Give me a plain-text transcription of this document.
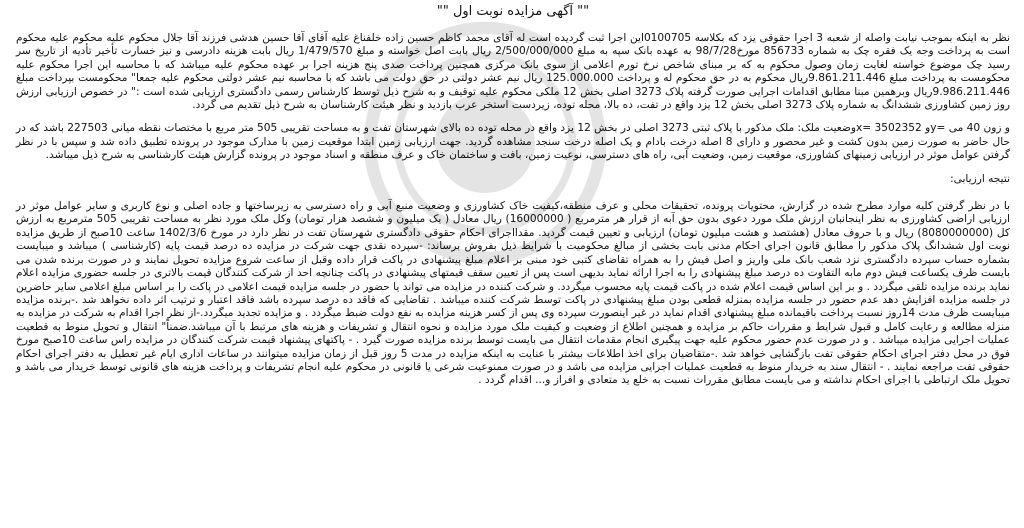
"" آگهی مزایده نوبت اول ""

نظر به اینکه بموجب نیابت واصله از شعبه 3 اجرا حقوقی یزد که بکلاسه 0100705این اجرا ثبت گردیده است له آقای محمد کاظم حسین زاده خلفناغ علیه آقای آقا حسین هدشی فرزند آقا جلال محکوم علیه محکوم علیه محکوم است به پرداخت وجه یک فقره چک به شماره 856733 مورخ98/7/28 به عهده بانک سپه به مبلغ 2/500/000/000 ریال بابت اصل خواسته و مبلغ 1/479/570 ریال بابت هزینه دادرسی و نیز خسارت تأخیر تأدیه از تاریخ سر رسید چک موضوع خواسته لغایت زمان وصول محکوم به که بر مبنای شاخص نرخ تورم اعلامی از سوی بانک مرکزی همچنین پرداخت صدی پنج هزینه اجرا بر عهده محکوم علیه میباشد که با محاسبه این اجرا محکوم علیه محکومست به پرداخت مبلغ 9.861.211.446ریال محکوم به در حق محکوم له و پرداخت 125.000.000 ریال نیم عشر دولتی در حق دولت می باشد که با محاسبه نیم عشر دولتی محکوم علیه جمعا" محکومست بپرداخت مبلغ 9.986.211.446ریال وبرهمین مبنا مطابق اقدامات اجرایی صورت گرفته پلاک 3273 اصلی بخش 12 ملکی محکوم علیه توقیف و به شرح ذیل توسط کارشناس رسمی دادگستری ارزیابی شده است :" در خصوص ارزیابی ارزش روز زمین کشاورزی ششدانگ به شماره پلاک 3273 اصلی بخش 12 یزد واقع در تفت، ده بالا، محله توده، زیردست استخر عرب بازدید و نظر هیئت کارشناسان به شرح ذیل تقدیم می گردد.

و زون 40 می =yو 3502352 =xوضعیت ملک: ملک مذکور با پلاک ثبتی 3273 اصلی در بخش 12 یزد واقع در محله توده ده بالای شهرستان تفت و به مساحت تقریبی 505 متر مربع با مختصات نقطه میانی 227503 باشد که در حال حاضر به صورت زمین بدون کشت و غیر محصور و دارای 8 اصله درخت بادام و یک اصله درخت سنجد مشاهده گردید. جهت ارزیابی زمین ابتدا موقعیت زمین با مدارک موجود در پرونده تطبیق داده شد و سپس با در نظر گرفتن عوامل موثر در ارزیابی زمینهای کشاورزی، موقعیت زمین، وضعیت آبی، راه های دسترسی، نوعیت زمین، بافت و ساختمان خاک و عرف منطقه و اسناد موجود در پرونده گزارش هیئت کارشناسی به شرح ذیل میباشد.

نتیجه ارزیابی:

با در نظر گرفتن کلیه موارد مطرح شده در گزارش، محتویات پرونده، تحقیقات محلی و عرف منطقه،کیفیت خاک کشاورزی و وضعیت منبع آبی و راه دسترسی به زیرساختها و جاده اصلی و نوع کاربری و سایر عوامل موثر در ارزیابی اراضی کشاورزی به نظر اینجانبان ارزش ملک مورد دعوی بدون حق آبه از قرار هر مترمربع ( 16000000) ریال معادل ( یک میلیون و ششصد هزار تومان) وکل ملک مورد نظر به مساحت تقریبی 505 مترمربع به ارزش کل (8080000000) ریال و با حروف معادل (هشتصد و هشت میلیون تومان) ارزیابی و تعیین قیمت گردید. مقدااجرای احکام حقوقی دادگستری شهرستان تفت در نظر دارد در مورخ 1402/3/6 ساعت 10صبح از طریق مزایده نوبت اول ششدانگ پلاک مذکور را مطابق قانون اجرای احکام مدنی بابت بخشی از مبالغ محکومیت با شرایط ذیل بفروش برساند: -سپرده نقدی جهت شرکت در مزایده ده درصد قیمت پایه (کارشناسی ) میباشد و میبایست بشماره حساب سپرده دادگستری نزد شعب بانک ملی واریز و اصل فیش را به همراه تقاضای کتبی خود مبنی بر اعلام مبلغ پیشنهادی در پاکت قرار داده وقبل از ساعت شروع مزایده تحویل نمایند و در صورت برنده شدن می بایست ظرف یکساعت فیش دوم مابه التفاوت ده درصد مبلغ پیشنهادی را به اجرا ارائه نماید بدیهی است پس از تعیین سقف قیمتهای پیشنهادی در پاکت چنانچه احد از شرکت کنندگان قیمت بالاتری در جلسه حضوری مزایده اعلام نماید برنده مزایده تلقی میگردد . و بر این اساس قیمت اعلام شده در پاکت قیمت پایه محسوب میگردد. و شرکت کننده در مزایده می تواند یا حضور در جلسه مزایده قیمت اعلامی در پاکت را بر اساس مبلغ اعلامی سایر حاضرین در جلسه مزایده افزایش دهد عدم حضور در جلسه مزایده بمنزله قطعی بودن مبلغ پیشنهادی در پاکت توسط شرکت کننده میباشد . تقاضایی که فاقد ده درصد سپرده باشد فاقد اعتبار و ترتیب اثر داده نخواهد شد .-برنده مزایده میبایست ظرف مدت 14روز نسبت پرداخت باقیمانده مبلغ پیشنهادی اقدام نماید در غیر اینصورت سپرده وی پس از کسر هزینه مزایده به نفع دولت ضبط میگردد . و مزایده تجدید میگردد.-از نظر اجرا اقدام به شرکت در مزایده به منزله مطالعه و رعایت کامل و قبول شرایط و مقررات حاکم بر مزایده و همچنین اطلاع از وضعیت و کیفیت ملک مورد مزایده و نحوه انتقال و تشریفات و هزینه های مرتبط با آن میباشد.ضمناً" انتقال و تحویل منوط به قطعیت عملیات اجرایی مزایده میباشد . و در صورت عدم حضور محکوم علیه جهت پیگیری انجام مقدمات انتقال می بایست توسط برنده مزایده صورت گیرد . - پاکتهای پیشنهاد قیمت شرکت کنندگان در مزایده راس ساعت 10صبح مورخ فوق در محل دفتر اجرای احکام حقوقی تفت بازگشایی خواهد شد .-متقاضیان برای اخذ اطلاعات بیشتر با عنایت به اینکه مزایده در مدت 5 روز قبل از زمان مزایده میتوانند در ساعات اداری ایام غیر تعطیل به دفتر اجرای احکام حقوقی تفت مراجعه نمایند . - انتقال سند به خریدار منوط به قطعیت عملیات اجرایی مزایده می باشد و در صورت ممنوعیت شرعی یا قانونی در محکوم علیه انجام تشریفات و پرداخت هزینه های قانونی توسط خریدار می باشد و تحویل ملک ارتباطی با اجرای احکام نداشته و می بایست مطابق مقررات نسبت به خلع ید متعادی و افراز و... اقدام گردد .
